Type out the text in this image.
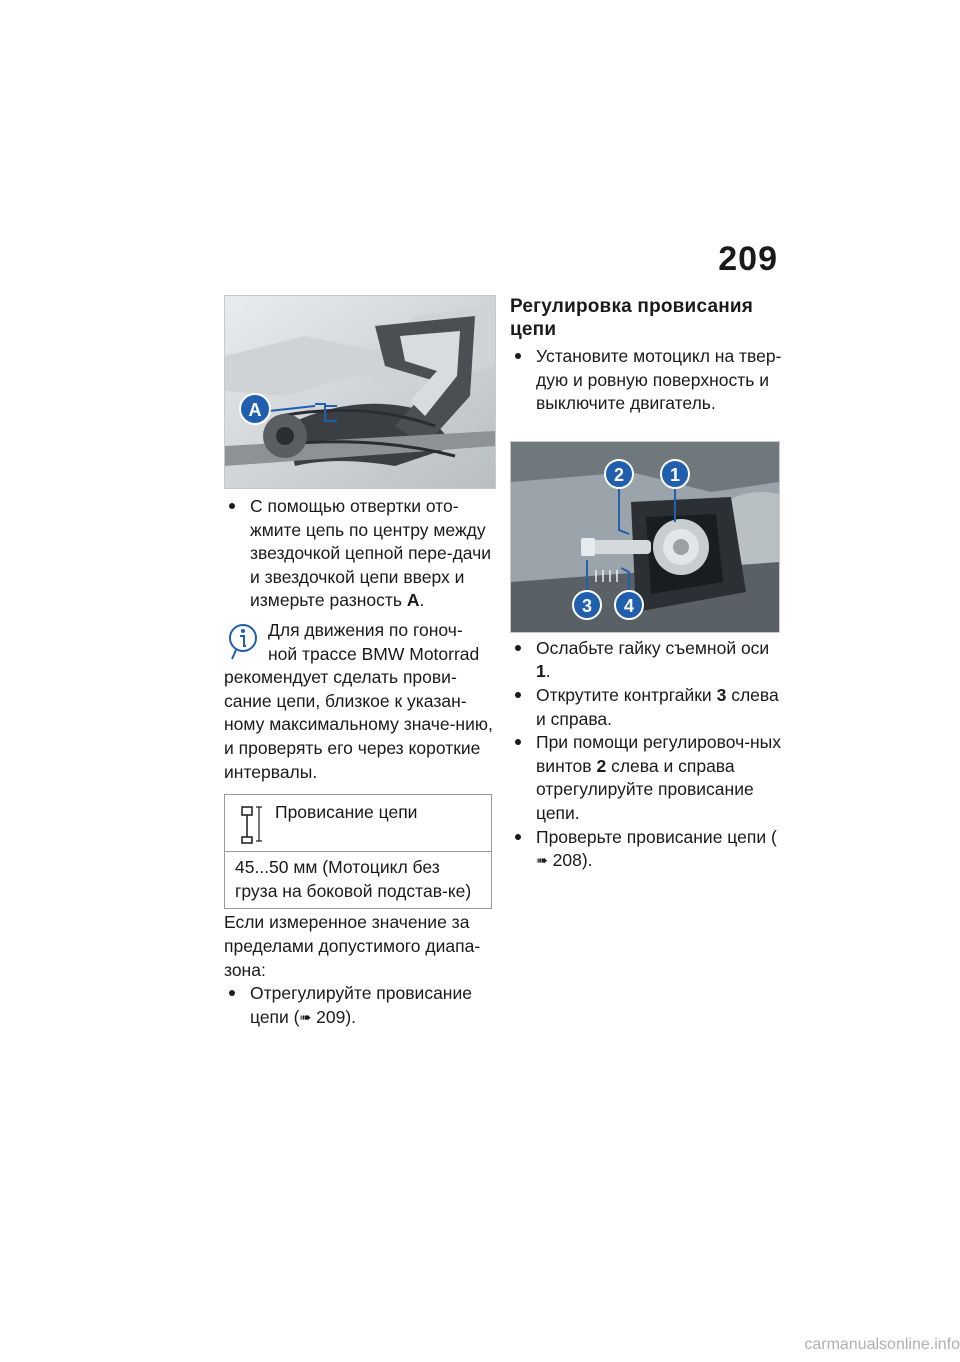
209
A

С помощью отвертки ото-жмите цепь по центру между звездочкой цепной пере-дачи и звездочкой цепи вверх и измерьте разность A.

Для движения по гоноч-

ной трассе BMW Motorrad

рекомендует сделать прови-сание цепи, близкое к указан-ному максимальному значе-нию, и проверять его через короткие интервалы.

Провисание цепи
45...50 мм (Мотоцикл без груза на боковой подстав-ке)

Если измеренное значение за пределами допустимого диапа-зона:

Отрегулируйте провисание цепи (➠ 209).

Регулировка провисания цепи

Установите мотоцикл на твер-дую и ровную поверхность и выключите двигатель.

2	1
3 4

Ослабьте гайку съемной оси 1.

Открутите контргайки 3 слева и справа.

При помощи регулировоч-ных винтов 2 слева и справа отрегулируйте провисание цепи.

Проверьте провисание цепи (➠ 208).

carmanualsonline.info
